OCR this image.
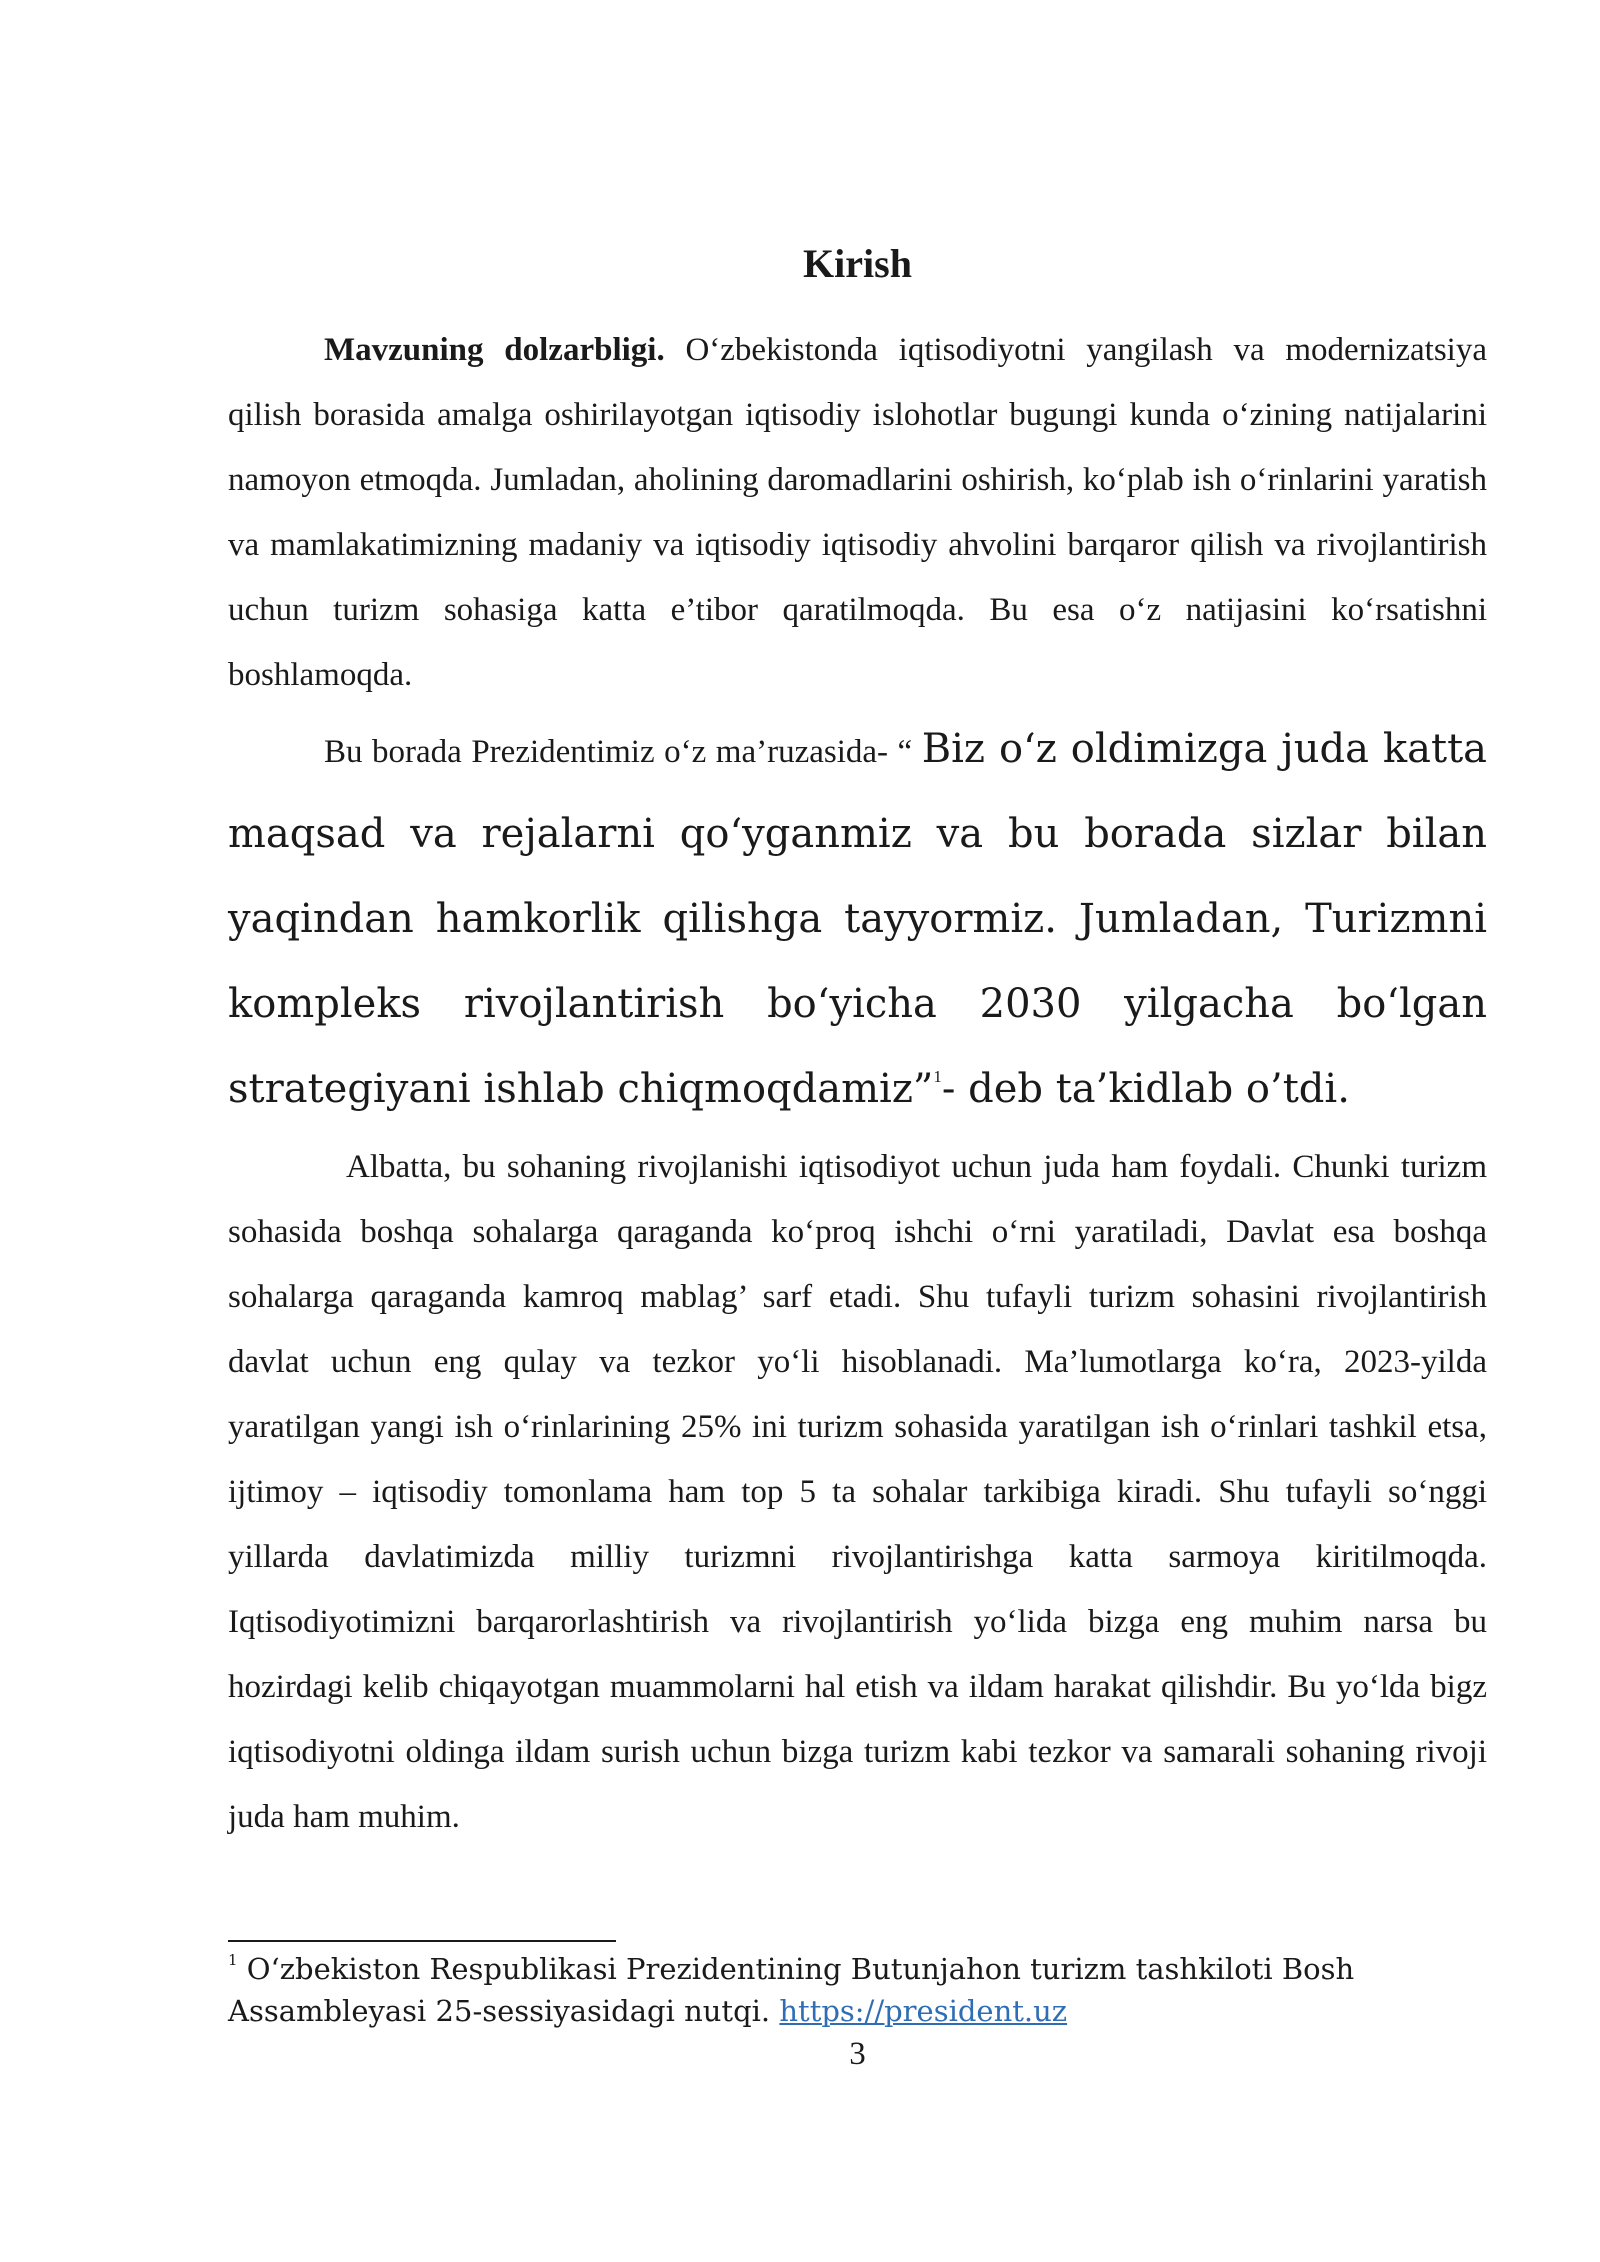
Kirish

Mavzuning dolzarbligi. O‘zbekistonda iqtisodiyotni yangilash va modernizatsiya qilish borasida amalga oshirilayotgan iqtisodiy islohotlar bugungi kunda o‘zining natijalarini namoyon etmoqda. Jumladan, aholining daromadlarini oshirish, ko‘plab ish o‘rinlarini yaratish va mamlakatimizning madaniy va iqtisodiy iqtisodiy ahvolini barqaror qilish va rivojlantirish uchun turizm sohasiga katta e’tibor qaratilmoqda. Bu esa o‘z natijasini ko‘rsatishni boshlamoqda.

Bu borada Prezidentimiz o‘z ma’ruzasida- “ Biz o‘z oldimizga juda katta maqsad va rejalarni qo‘yganmiz va bu borada sizlar bilan yaqindan hamkorlik qilishga tayyormiz. Jumladan, Turizmni kompleks rivojlantirish bo‘yicha 2030 yilgacha bo‘lgan strategiyani ishlab chiqmoqdamiz”$^1$- deb ta’kidlab o’tdi.

Albatta, bu sohaning rivojlanishi iqtisodiyot uchun juda ham foydali. Chunki turizm sohasida boshqa sohalarga qaraganda ko‘proq ishchi o‘rni yaratiladi, Davlat esa boshqa sohalarga qaraganda kamroq mablag’ sarf etadi. Shu tufayli turizm sohasini rivojlantirish davlat uchun eng qulay va tezkor yo‘li hisoblanadi. Ma’lumotlarga ko‘ra, 2023-yilda yaratilgan yangi ish o‘rinlarining 25% ini turizm sohasida yaratilgan ish o‘rinlari tashkil etsa, ijtimoy – iqtisodiy tomonlama ham top 5 ta sohalar tarkibiga kiradi. Shu tufayli so‘nggi yillarda davlatimizda milliy turizmni rivojlantirishga katta sarmoya kiritilmoqda. Iqtisodiyotimizni barqarorlashtirish va rivojlantirish yo‘lida bizga eng muhim narsa bu hozirdagi kelib chiqayotgan muammolarni hal etish va ildam harakat qilishdir. Bu yo‘lda bigz iqtisodiyotni oldinga ildam surish uchun bizga turizm kabi tezkor va samarali sohaning rivoji juda ham muhim.

$^1$ O‘zbekiston Respublikasi Prezidentining Butunjahon turizm tashkiloti Bosh Assambleyasi 25-sessiyasidagi nutqi. https://president.uz

3
